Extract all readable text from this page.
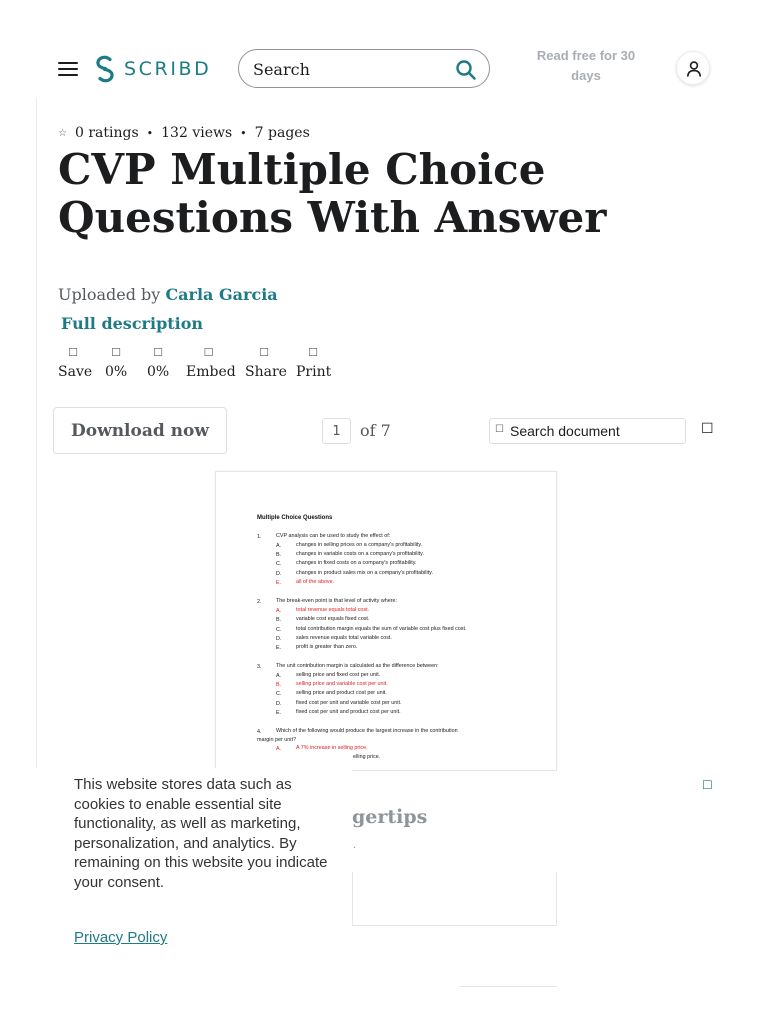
SCRIBD
Search
Read free for 30 days
☆ 0 ratings • 132 views • 7 pages
CVP Multiple Choice Questions With Answer
Uploaded by Carla Garcia
Full description
☐
Save
☐
0%
☐
0%
☐
Embed
☐
Share
☐
Print
Download now
1	of 7	☐
Search document	☐
Multiple Choice Questions
1.	CVP analysis can be used to study the effect of:
A.	changes in selling prices on a company's profitability.
B.	changes in variable costs on a company's profitability.
C.	changes in fixed costs on a company's profitability.
D.	changes in product sales mix on a company's profitability.
E.	all of the above.
2.	The break-even point is that level of activity where:
A.	total revenue equals total cost.
B.	variable cost equals fixed cost.
C.	total contribution margin equals the sum of variable cost plus fixed cost.
D.	sales revenue equals total variable cost.
E.	profit is greater than zero.
3.	The unit contribution margin is calculated as the difference between:
A.	selling price and fixed cost per unit.
B.	selling price and variable cost per unit.
C.	selling price and product cost per unit.
D.	fixed cost per unit and variable cost per unit.
E.	fixed cost per unit and product cost per unit.
4.	Which of the following would produce the largest increase in the contribution
margin per unit?
A.	A 7% increase in selling price.
elling price.
gertips
.

This website stores data such as cookies to enable essential site functionality, as well as marketing, personalization, and analytics. By remaining on this website you indicate your consent.

Privacy Policy
☐
